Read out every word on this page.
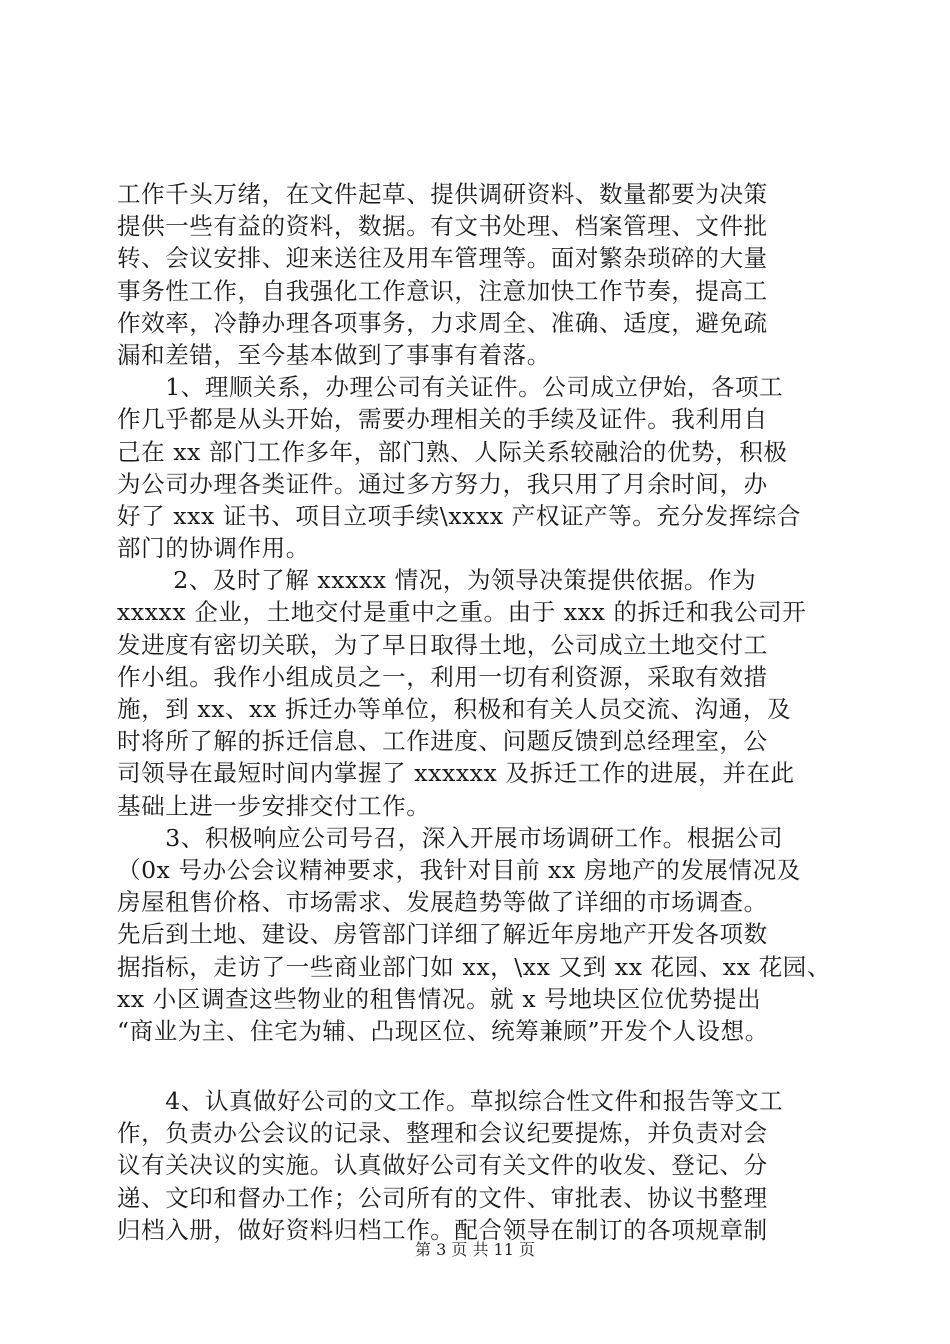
工作千头万绪，在文件起草、提供调研资料、数量都要为决策
提供一些有益的资料，数据。有文书处理、档案管理、文件批
转、会议安排、迎来送往及用车管理等。面对繁杂琐碎的大量
事务性工作，自我强化工作意识，注意加快工作节奏，提高工
作效率，冷静办理各项事务，力求周全、准确、适度，避免疏
漏和差错，至今基本做到了事事有着落。
　　1、理顺关系，办理公司有关证件。公司成立伊始，各项工
作几乎都是从头开始，需要办理相关的手续及证件。我利用自
己在 xx 部门工作多年，部门熟、人际关系较融洽的优势，积极
为公司办理各类证件。通过多方努力，我只用了月余时间，办
好了 xxx 证书、项目立项手续\xxxx 产权证产等。充分发挥综合
部门的协调作用。
　　 2、及时了解 xxxxx 情况，为领导决策提供依据。作为
xxxxx 企业，土地交付是重中之重。由于 xxx 的拆迁和我公司开
发进度有密切关联，为了早日取得土地，公司成立土地交付工
作小组。我作小组成员之一，利用一切有利资源，采取有效措
施，到 xx、xx 拆迁办等单位，积极和有关人员交流、沟通，及
时将所了解的拆迁信息、工作进度、问题反馈到总经理室，公
司领导在最短时间内掌握了 xxxxxx 及拆迁工作的进展，并在此
基础上进一步安排交付工作。
　　3、积极响应公司号召，深入开展市场调研工作。根据公司
（0x 号办公会议精神要求，我针对目前 xx 房地产的发展情况及
房屋租售价格、市场需求、发展趋势等做了详细的市场调查。
先后到土地、建设、房管部门详细了解近年房地产开发各项数
据指标，走访了一些商业部门如 xx，\xx 又到 xx 花园、xx 花园、
xx 小区调查这些物业的租售情况。就 x 号地块区位优势提出
“商业为主、住宅为辅、凸现区位、统筹兼顾”开发个人设想。
　　4、认真做好公司的文工作。草拟综合性文件和报告等文工
作，负责办公会议的记录、整理和会议纪要提炼，并负责对会
议有关决议的实施。认真做好公司有关文件的收发、登记、分
递、文印和督办工作；公司所有的文件、审批表、协议书整理
归档入册，做好资料归档工作。配合领导在制订的各项规章制
第 3 页 共 11 页
